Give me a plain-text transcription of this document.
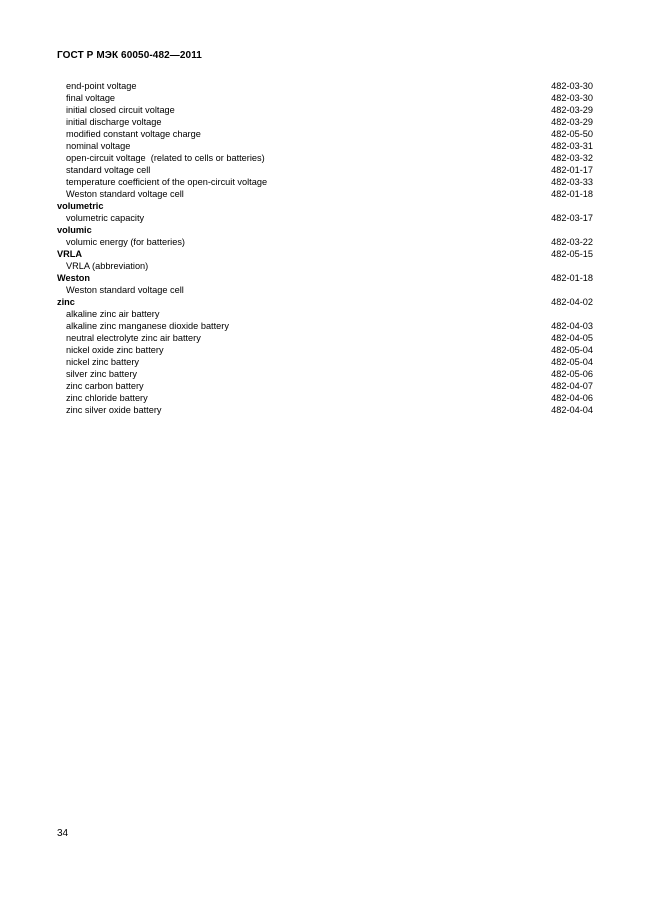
ГОСТ Р МЭК 60050-482—2011
end-point voltage	482-03-30
final voltage	482-03-30
initial closed circuit voltage	482-03-29
initial discharge voltage	482-03-29
modified constant voltage charge	482-05-50
nominal voltage	482-03-31
open-circuit voltage  (related to cells or batteries)	482-03-32
standard voltage cell	482-01-17
temperature coefficient of the open-circuit voltage	482-03-33
Weston standard voltage cell	482-01-18
volumetric
volumetric capacity	482-03-17
volumic
volumic energy (for batteries)	482-03-22
VRLA	482-05-15
VRLA (abbreviation)
Weston	482-01-18
Weston standard voltage cell
zinc	482-04-02
alkaline zinc air battery
alkaline zinc manganese dioxide battery	482-04-03
neutral electrolyte zinc air battery	482-04-05
nickel oxide zinc battery	482-05-04
nickel zinc battery	482-05-04
silver zinc battery	482-05-06
zinc carbon battery	482-04-07
zinc chloride battery	482-04-06
zinc silver oxide battery	482-04-04
34
